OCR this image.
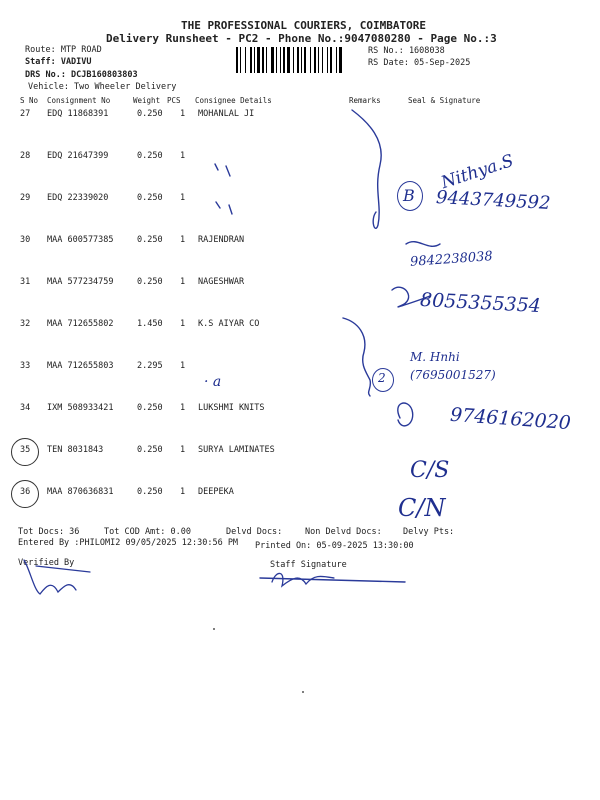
THE PROFESSIONAL COURIERS, COIMBATORE
Delivery Runsheet - PC2 - Phone No.:9047080280 - Page No.:3
Route: MTP ROAD
Staff: VADIVU
DRS No.: DCJB160803803
Vehicle: Two Wheeler Delivery
RS No.: 1608038
RS Date: 05-Sep-2025
S No Consignment No	Weight PCS Consignee Details	Remarks	Seal & Signature
27 EDQ 11868391	0.250 1 MOHANLAL JI
28 EDQ 21647399	0.250 1
29 EDQ 22339020	0.250 1
30 MAA 600577385	0.250 1 RAJENDRAN
31 MAA 577234759	0.250 1 NAGESHWAR
32 MAA 712655802	1.450 1 K.S AIYAR CO
33 MAA 712655803	2.295 1
34 IXM 508933421	0.250 1 LUKSHMI KNITS
35 TEN 8031843	0.250 1 SURYA LAMINATES
36 MAA 870636831	0.250 1 DEEPEKA
Nithya.S
B 9443749592
9842238038
8055355354
M. Hnhi
2 (7695001527)
· a
9746162020
C/S
C/N
Tot Docs: 36	Tot COD Amt: 0.00	Delvd Docs:	Non Delvd Docs: Delvy Pts:
Entered By :PHILOMI2 09/05/2025 12:30:56 PM Printed On: 05-09-2025 13:30:00
Verified By	Staff Signature
